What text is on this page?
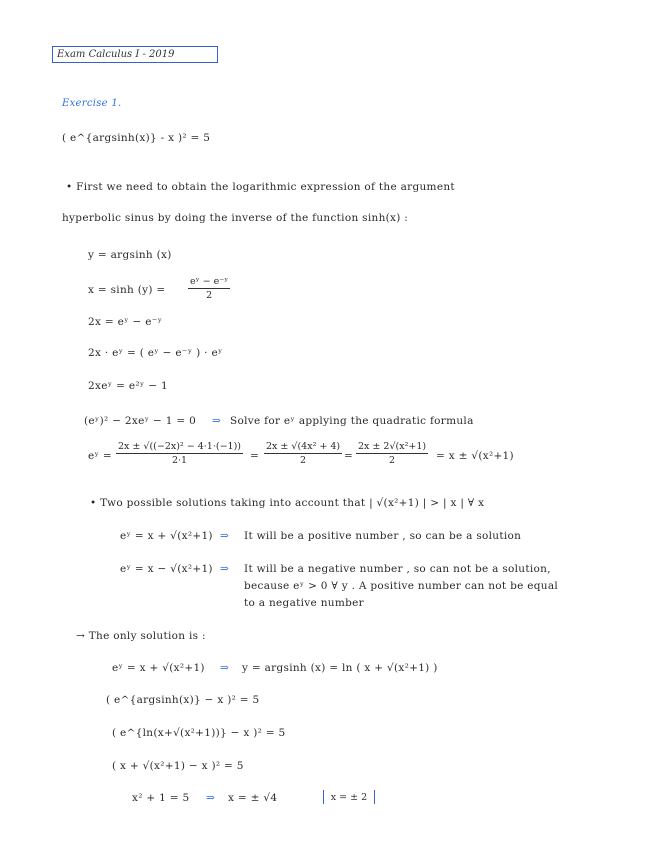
Exam Calculus I - 2019
Exercise 1.
( e^{argsinh(x)} - x )² = 5
• First we need to obtain the logarithmic expression of the argument
hyperbolic sinus by doing the inverse of the function sinh(x) :
y = argsinh (x)
$x = \sinh (y) = \frac{\text{eʸ − e⁻ʸ}}{2}$
2x = eʸ − e⁻ʸ
2x · eʸ = ( eʸ − e⁻ʸ ) · eʸ
2xeʸ = e²ʸ − 1
(eʸ)² − 2xeʸ − 1 = 0 ⇒ Solve for eʸ applying the quadratic formula
eʸ = $\frac{\text{2x ± √((−2x)² − 4·1·(−1))}}{2\cdot 1} = \frac{\text{2x ± √(4x² + 4)}}{2} = \frac{\text{2x ± 2√(x²+1)}}{2} = x \pm √(x^2+1)$
• Two possible solutions taking into account that | √(x²+1) | > | x | ∀ x
eʸ = x + √(x²+1) ⇒ It will be a positive number , so can be a solution
eʸ = x − √(x²+1) ⇒ It will be a negative number , so can not be a solution,
because eʸ > 0 ∀ y . A positive number can not be equal
to a negative number
→ The only solution is :
eʸ = x + √(x²+1) ⇒ y = argsinh (x) = ln ( x + √(x²+1) )
( e^{argsinh(x)} − x )² = 5
( e^{ln(x+√(x²+1))} − x )² = 5
( x + √(x²+1) − x )² = 5
x² + 1 = 5 ⇒ x = ± √4	x = ± 2
